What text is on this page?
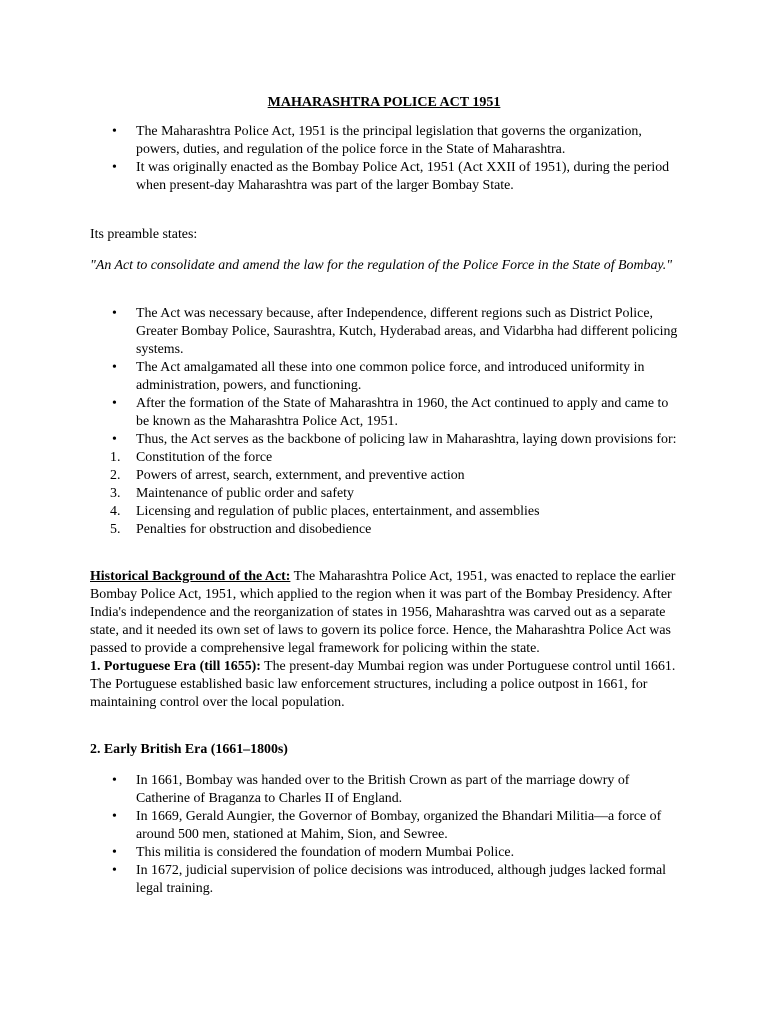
MAHARASHTRA POLICE ACT 1951
• The Maharashtra Police Act, 1951 is the principal legislation that governs the organization, powers, duties, and regulation of the police force in the State of Maharashtra.
• It was originally enacted as the Bombay Police Act, 1951 (Act XXII of 1951), during the period when present-day Maharashtra was part of the larger Bombay State.

Its preamble states:

"An Act to consolidate and amend the law for the regulation of the Police Force in the State of Bombay."

• The Act was necessary because, after Independence, different regions such as District Police, Greater Bombay Police, Saurashtra, Kutch, Hyderabad areas, and Vidarbha had different policing systems.
• The Act amalgamated all these into one common police force, and introduced uniformity in administration, powers, and functioning.
• After the formation of the State of Maharashtra in 1960, the Act continued to apply and came to be known as the Maharashtra Police Act, 1951.
• Thus, the Act serves as the backbone of policing law in Maharashtra, laying down provisions for:
1. Constitution of the force
2. Powers of arrest, search, externment, and preventive action
3. Maintenance of public order and safety
4. Licensing and regulation of public places, entertainment, and assemblies
5. Penalties for obstruction and disobedience

Historical Background of the Act: The Maharashtra Police Act, 1951, was enacted to replace the earlier Bombay Police Act, 1951, which applied to the region when it was part of the Bombay Presidency. After India's independence and the reorganization of states in 1956, Maharashtra was carved out as a separate state, and it needed its own set of laws to govern its police force. Hence, the Maharashtra Police Act was passed to provide a comprehensive legal framework for policing within the state.

1. Portuguese Era (till 1655): The present-day Mumbai region was under Portuguese control until 1661. The Portuguese established basic law enforcement structures, including a police outpost in 1661, for maintaining control over the local population.

2. Early British Era (1661–1800s)

• In 1661, Bombay was handed over to the British Crown as part of the marriage dowry of Catherine of Braganza to Charles II of England.
• In 1669, Gerald Aungier, the Governor of Bombay, organized the Bhandari Militia—a force of around 500 men, stationed at Mahim, Sion, and Sewree.
• This militia is considered the foundation of modern Mumbai Police.
• In 1672, judicial supervision of police decisions was introduced, although judges lacked formal legal training.
